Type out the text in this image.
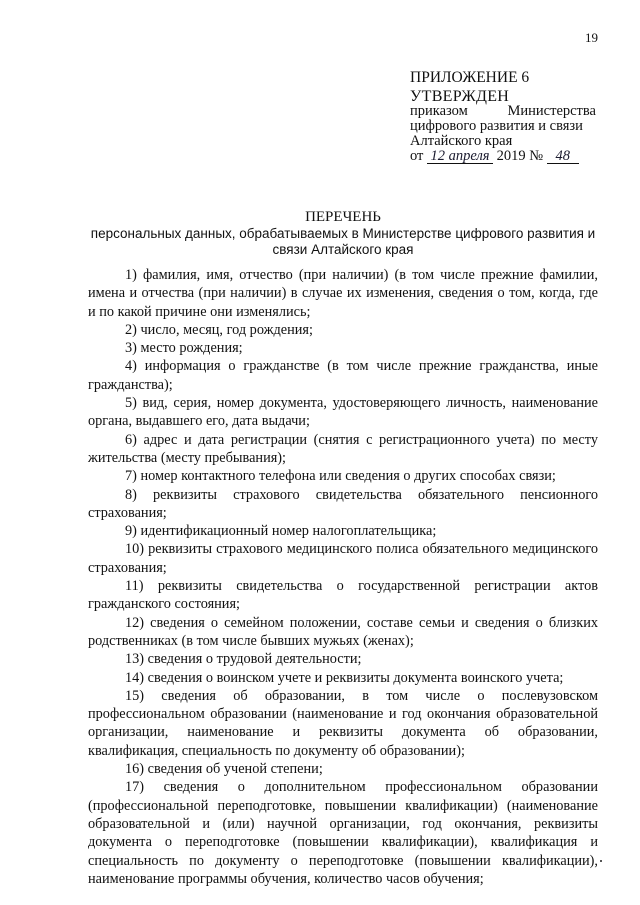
19
ПРИЛОЖЕНИЕ 6
УТВЕРЖДЕН
приказом Министерства
цифрового развития и связи
Алтайского края
от 12 апреля 2019 № 48
ПЕРЕЧЕНЬ
персональных данных, обрабатываемых в Министерстве цифрового развития и
связи Алтайского края

1) фамилия, имя, отчество (при наличии) (в том числе прежние фамилии, имена и отчества (при наличии) в случае их изменения, сведения о том, когда, где и по какой причине они изменялись;

2) число, месяц, год рождения;

3) место рождения;

4) информация о гражданстве (в том числе прежние гражданства, иные гражданства);

5) вид, серия, номер документа, удостоверяющего личность, наименование органа, выдавшего его, дата выдачи;

6) адрес и дата регистрации (снятия с регистрационного учета) по месту жительства (месту пребывания);

7) номер контактного телефона или сведения о других способах связи;

8) реквизиты страхового свидетельства обязательного пенсионного страхования;

9) идентификационный номер налогоплательщика;

10) реквизиты страхового медицинского полиса обязательного медицинского страхования;

11) реквизиты свидетельства о государственной регистрации актов гражданского состояния;

12) сведения о семейном положении, составе семьи и сведения о близких родственниках (в том числе бывших мужьях (женах);

13) сведения о трудовой деятельности;

14) сведения о воинском учете и реквизиты документа воинского учета;

15) сведения об образовании, в том числе о послевузовском профессиональном образовании (наименование и год окончания образовательной организации, наименование и реквизиты документа об образовании, квалификация, специальность по документу об образовании);

16) сведения об ученой степени;

17) сведения о дополнительном профессиональном образовании (профессиональной переподготовке, повышении квалификации) (наименование образовательной и (или) научной организации, год окончания, реквизиты документа о переподготовке (повышении квалификации), квалификация и специальность по документу о переподготовке (повышении квалификации), наименование программы обучения, количество часов обучения;
